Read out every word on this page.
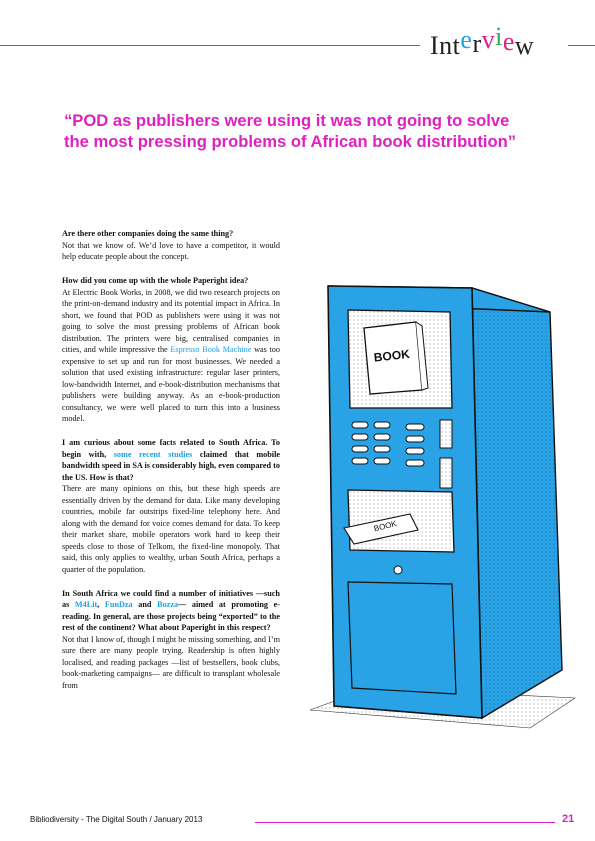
Interview

“POD as publishers were using it was not going to solve the most pressing problems of African book distribution”

Are there other companies doing the same thing?

Not that we know of. We’d love to have a competitor, it would help educate people about the concept.

How did you come up with the whole Paperight idea?

At Electric Book Works, in 2008, we did two research projects on the print-on-demand industry and its potential impact in Africa. In short, we found that POD as publishers were using it was not going to solve the most pressing problems of African book distribution. The printers were big, centralised companies in cities, and while impressive the Espresso Book Machine was too expensive to set up and run for most businesses. We needed a solution that used existing infrastructure: regular laser printers, low-bandwidth Internet, and e-book-distribution mechanisms that publishers were building anyway. As an e-book-production consultancy, we were well placed to turn this into a business model.

I am curious about some facts related to South Africa. To begin with, some recent studies claimed that mobile bandwidth speed in SA is considerably high, even compared to the US. How is that?

There are many opinions on this, but these high speeds are essentially driven by the demand for data. Like many developing countries, mobile far outstrips fixed-line telephony here. And along with the demand for voice comes demand for data. To keep their market share, mobile operators work hard to keep their speeds close to those of Telkom, the fixed-line monopoly. That said, this only applies to wealthy, urban South Africa, perhaps a quarter of the population.

In South Africa we could find a number of initiatives —such as M4Lit, FunDza and Bozza— aimed at promoting e-reading. In general, are those projects being “exported” to the rest of the continent? What about Paperight in this respect?

Not that I know of, though I might be missing something, and I’m sure there are many people trying. Readership is often highly localised, and reading packages —list of bestsellers, book clubs, book-marketing campaigns— are difficult to transplant wholesale from

BOOK
BOOK
Bibliodiversity - The Digital South / January 2013	21
